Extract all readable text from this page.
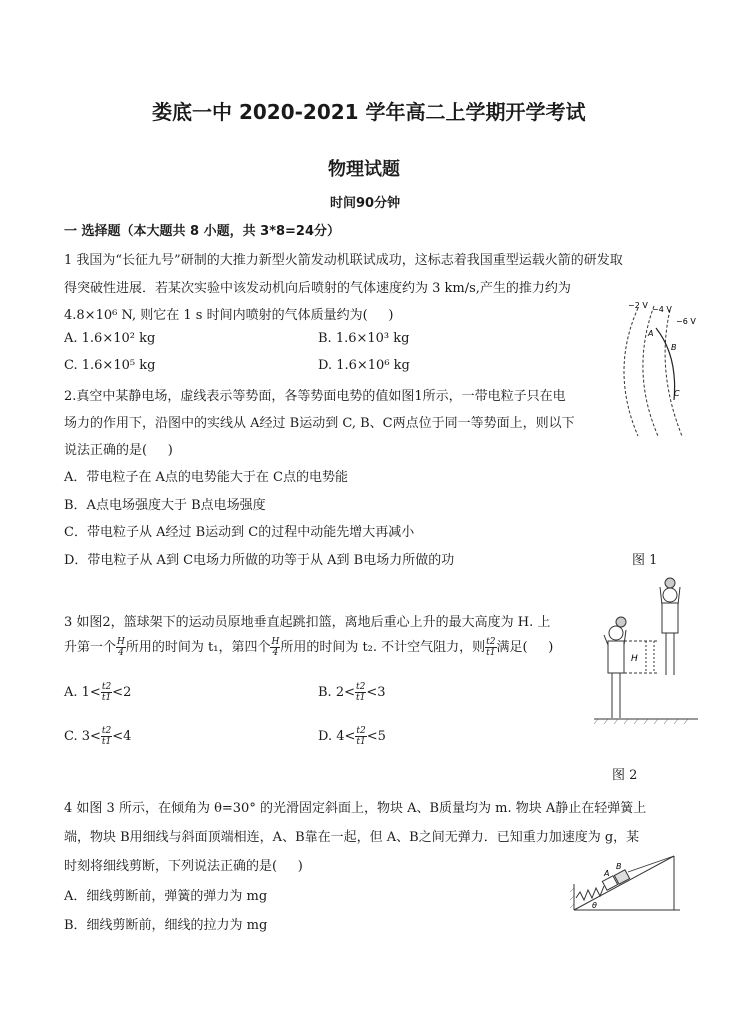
娄底一中 2020-2021 学年高二上学期开学考试
物理试题
时间90分钟
一 选择题（本大题共 8 小题，共 3*8=24分）
1 我国为“长征九号”研制的大推力新型火箭发动机联试成功，这标志着我国重型运载火箭的研发取
得突破性进展．若某次实验中该发动机向后喷射的气体速度约为 3 km/s,产生的推力约为
4.8×10⁶ N, 则它在 1 s 时间内喷射的气体质量约为(     )
A. 1.6×10² kg	B. 1.6×10³ kg
C. 1.6×10⁵ kg	D. 1.6×10⁶ kg
2.真空中某静电场，虚线表示等势面，各等势面电势的值如图1所示，一带电粒子只在电
场力的作用下，沿图中的实线从 A经过 B运动到 C, B、C两点位于同一等势面上，则以下
说法正确的是(     )
A．带电粒子在 A点的电势能大于在 C点的电势能
B．A点电场强度大于 B点电场强度
C．带电粒子从 A经过 B运动到 C的过程中动能先增大再减小
D．带电粒子从 A到 C电场力所做的功等于从 A到 B电场力所做的功	图 1
−2 V −4 V
−6 V
A
B
C
3 如图2，篮球架下的运动员原地垂直起跳扣篮，离地后重心上升的最大高度为 H. 上
升第一个 $\frac{H}{4}$ 所用的时间为 t₁，第四个 $\frac{H}{4}$ 所用的时间为 t₂. 不计空气阻力，则 $\frac{t2}{t1}$ 满足(     )
A. $1< \frac{t2}{t1} <2$	B. $2< \frac{t2}{t1} <3$
C. $3< \frac{t2}{t1} <4$	D. $4< \frac{t2}{t1} <5$
图 2
H
4 如图 3 所示，在倾角为 θ=30° 的光滑固定斜面上，物块 A、B质量均为 m. 物块 A静止在轻弹簧上
端，物块 B用细线与斜面顶端相连，A、B靠在一起，但 A、B之间无弹力．已知重力加速度为 g，某
时刻将细线剪断，下列说法正确的是(     )
A．细线剪断前，弹簧的弹力为 mg
B．细线剪断前，细线的拉力为 mg
A
B
θ
